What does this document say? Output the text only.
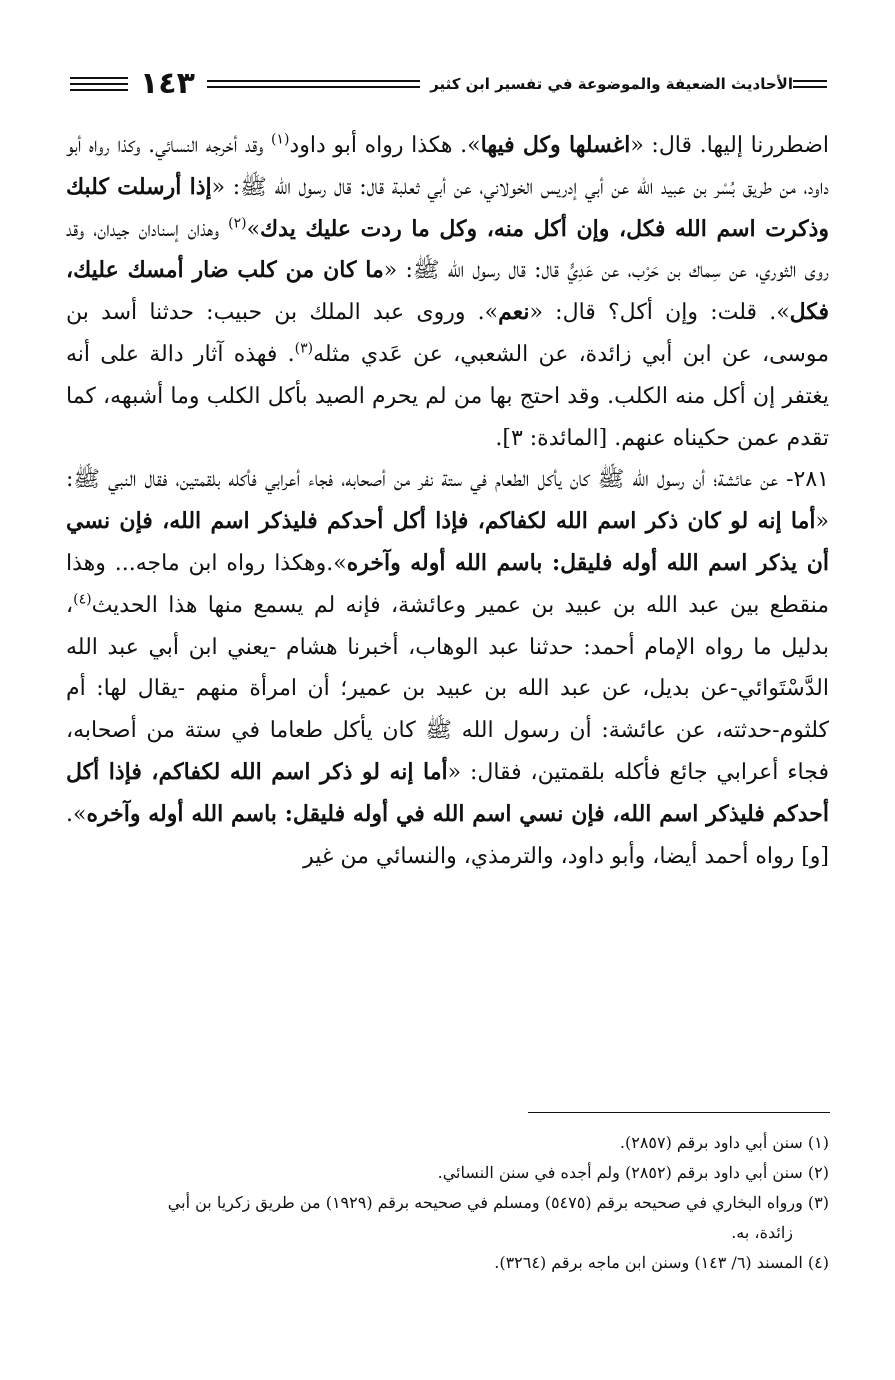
الأحاديث الضعيفة والموضوعة في تفسير ابن كثير
١٤٣

اضطررنا إليها. قال: «اغسلها وكل فيها». هكذا رواه أبو داود$^{(١)}$ وقد أخرجه النسائي. وكذا رواه أبو داود، من طريق بُسْر بن عبيد الله عن أبي إدريس الخولاني، عن أبي ثعلبة قال: قال رسول الله ﷺ: «إذا أرسلت كلبك وذكرت اسم الله فكل، وإن أكل منه، وكل ما ردت عليك يدك»$^{(٢)}$ وهذان إسنادان جيدان، وقد روى الثوري، عن سِماك بن حَرْب، عن عَدِيٍّ قال: قال رسول الله ﷺ: «ما كان من كلب ضار أمسك عليك، فكل». قلت: وإن أكل؟ قال: «نعم». وروى عبد الملك بن حبيب: حدثنا أسد بن موسى، عن ابن أبي زائدة، عن الشعبي، عن عَدي مثله$^{(٣)}$. فهذه آثار دالة على أنه يغتفر إن أكل منه الكلب. وقد احتج بها من لم يحرم الصيد بأكل الكلب وما أشبهه، كما تقدم عمن حكيناه عنهم. [المائدة: ٣].

٢٨١- عن عائشة؛ أن رسول الله ﷺ كان يأكل الطعام في ستة نفر من أصحابه، فجاء أعرابي فأكله بلقمتين، فقال النبي ﷺ: «أما إنه لو كان ذكر اسم الله لكفاكم، فإذا أكل أحدكم فليذكر اسم الله، فإن نسي أن يذكر اسم الله أوله فليقل: باسم الله أوله وآخره».وهكذا رواه ابن ماجه... وهذا منقطع بين عبد الله بن عبيد بن عمير وعائشة، فإنه لم يسمع منها هذا الحديث$^{(٤)}$، بدليل ما رواه الإمام أحمد: حدثنا عبد الوهاب، أخبرنا هشام -يعني ابن أبي عبد الله الدَّسْتَوائي-عن بديل، عن عبد الله بن عبيد بن عمير؛ أن امرأة منهم -يقال لها: أم كلثوم-حدثته، عن عائشة: أن رسول الله ﷺ كان يأكل طعاما في ستة من أصحابه، فجاء أعرابي جائع فأكله بلقمتين، فقال: «أما إنه لو ذكر اسم الله لكفاكم، فإذا أكل أحدكم فليذكر اسم الله، فإن نسي اسم الله في أوله فليقل: باسم الله أوله وآخره». [و] رواه أحمد أيضا، وأبو داود، والترمذي، والنسائي من غير

(١) سنن أبي داود برقم (٢٨٥٧).
(٢) سنن أبي داود برقم (٢٨٥٢) ولم أجده في سنن النسائي.
(٣) ورواه البخاري في صحيحه برقم (٥٤٧٥) ومسلم في صحيحه برقم (١٩٢٩) من طريق زكريا بن أبي
زائدة، به.
(٤) المسند (٦/ ١٤٣) وسنن ابن ماجه برقم (٣٢٦٤).
